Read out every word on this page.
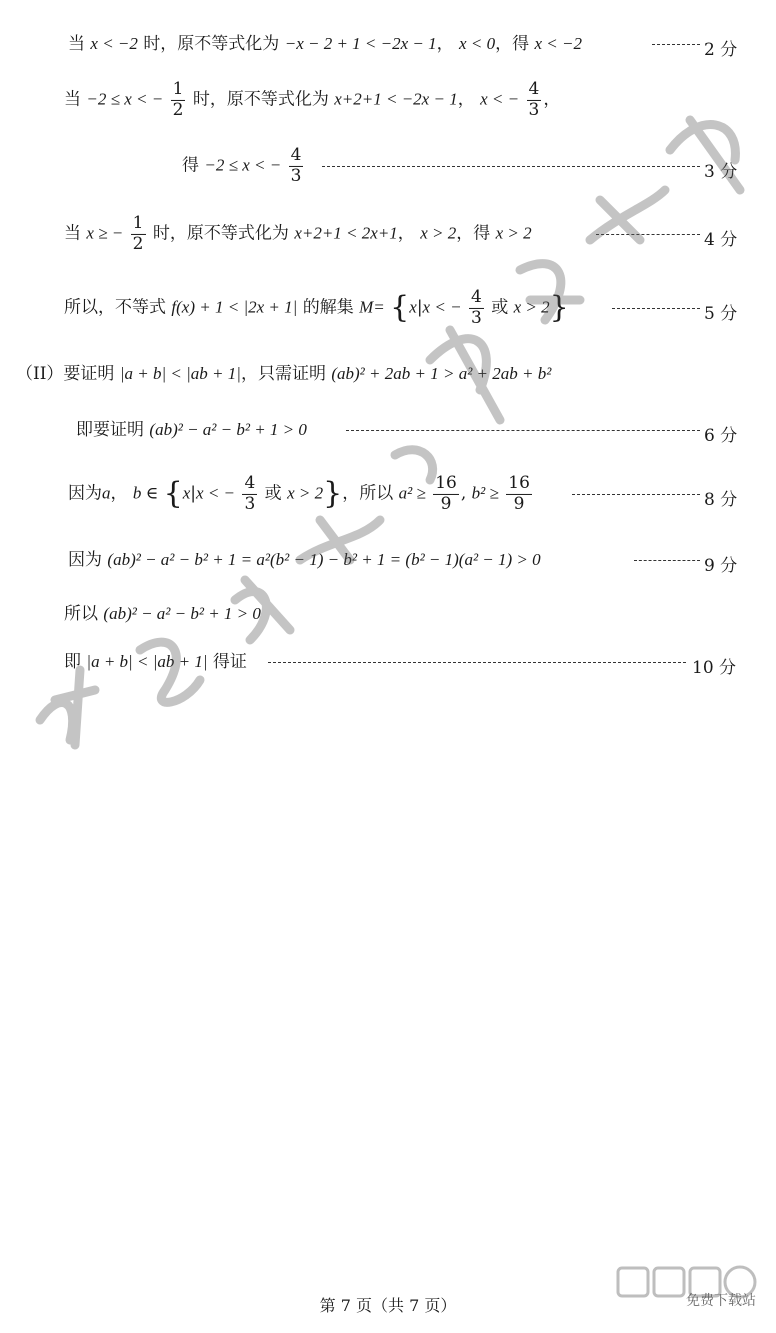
当 x < −2 时，原不等式化为 −x − 2 + 1 < −2x − 1， x < 0，得 x < −2	2 分
当 −2 ≤ x < − $\frac{1}{2}$ 时，原不等式化为 x+2+1 < −2x − 1， x < − $\frac{4}{3}$ ，
得 −2 ≤ x < − $\frac{4}{3}$	3 分
当 x ≥ − $\frac{1}{2}$ 时，原不等式化为 x+2+1 < 2x+1， x > 2，得 x > 2	4 分
所以，不等式 f(x) + 1 < |2x + 1| 的解集 M= {x|x < − $\frac{4}{3}$ 或 x > 2}	5 分
（II）要证明 |a + b| < |ab + 1|，只需证明 (ab)² + 2ab + 1 > a² + 2ab + b²
即要证明 (ab)² − a² − b² + 1 > 0	6 分
因为a， b ∈ {x|x < − $\frac{4}{3}$ 或 x > 2}，所以 $a^2 \ge \frac{16}{9}$ , $b^2 \ge \frac{16}{9}$	8 分
因为 (ab)² − a² − b² + 1 = a²(b² − 1) − b² + 1 = (b² − 1)(a² − 1) > 0	9 分
所以 (ab)² − a² − b² + 1 > 0
即 |a + b| < |ab + 1| 得证	10 分
第 7 页（共 7 页）	免费下载站
